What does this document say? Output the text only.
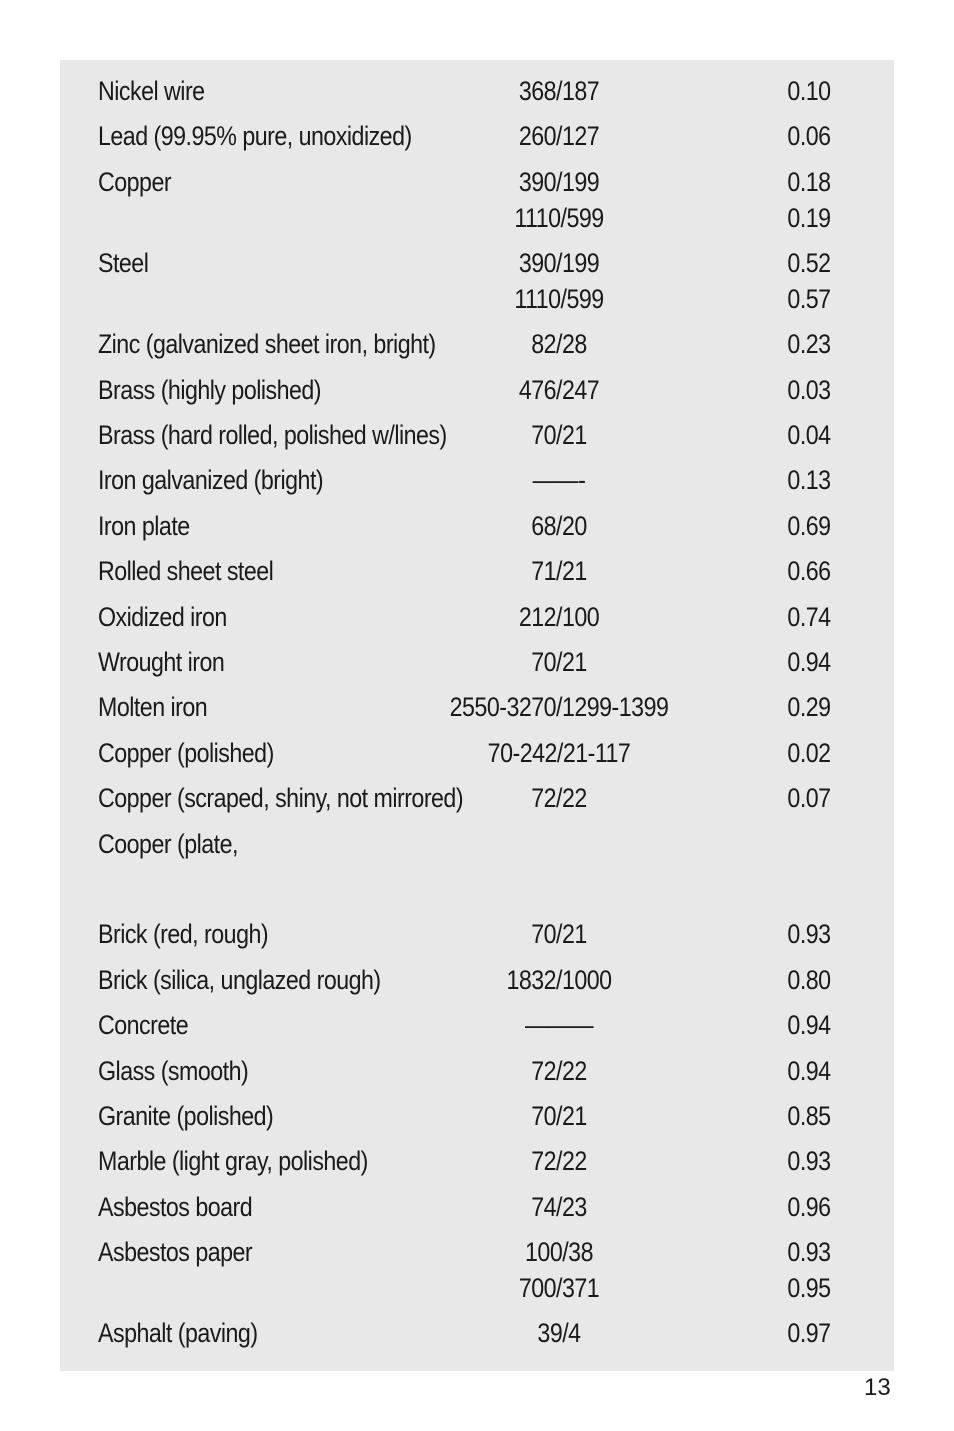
Nickel wire	368/187	0.10
Lead (99.95% pure, unoxidized)	260/127	0.06
Copper	390/199	0.18
1110/599	0.19
Steel	390/199	0.52
1110/599	0.57
Zinc (galvanized sheet iron, bright)	82/28	0.23
Brass (highly polished)	476/247	0.03
Brass (hard rolled, polished w/lines)	70/21	0.04
Iron galvanized (bright)	——-	0.13
Iron plate	68/20	0.69
Rolled sheet steel	71/21	0.66
Oxidized iron	212/100	0.74
Wrought iron	70/21	0.94
Molten iron	2550-3270/1299-1399	0.29
Copper (polished)	70-242/21-117	0.02
Copper (scraped, shiny, not mirrored)	72/22	0.07
Cooper (plate,
Brick (red, rough)	70/21	0.93
Brick (silica, unglazed rough)	1832/1000	0.80
Concrete	———	0.94
Glass (smooth)	72/22	0.94
Granite (polished)	70/21	0.85
Marble (light gray, polished)	72/22	0.93
Asbestos board	74/23	0.96
Asbestos paper	100/38	0.93
700/371	0.95
Asphalt (paving)	39/4	0.97
13
